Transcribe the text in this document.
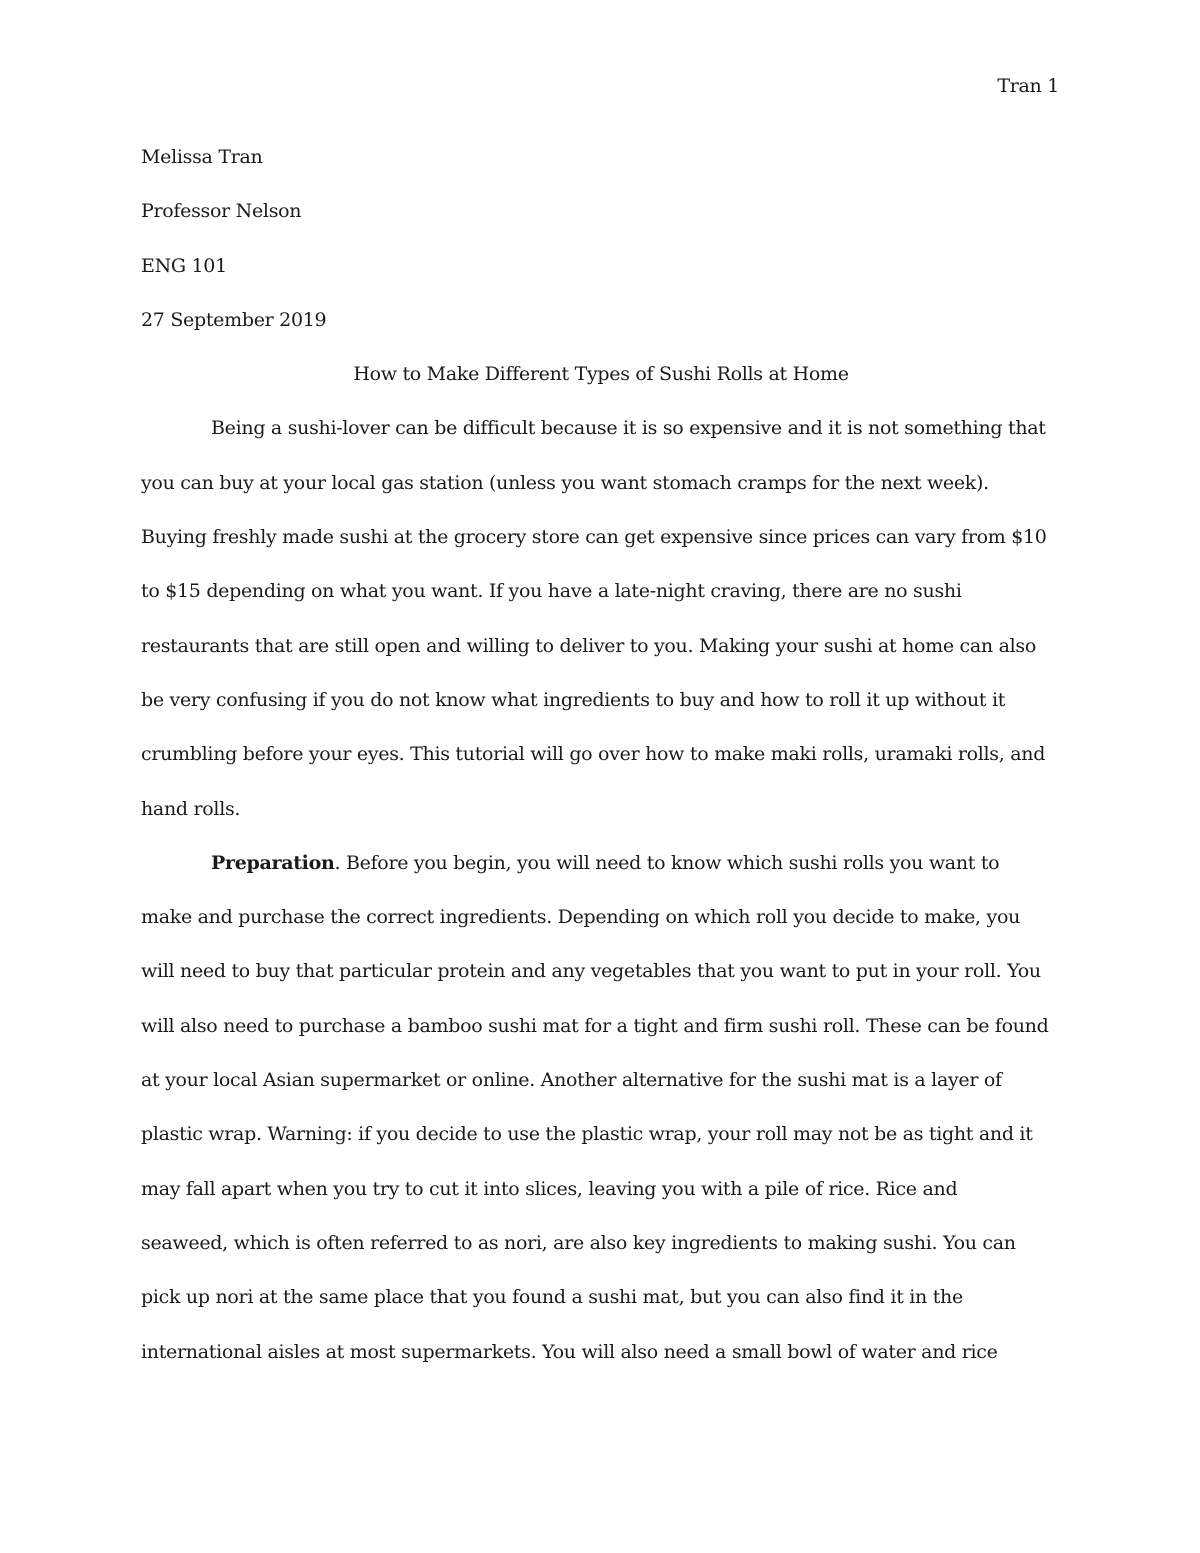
Tran 1
Melissa Tran
Professor Nelson
ENG 101
27 September 2019
How to Make Different Types of Sushi Rolls at Home
Being a sushi-lover can be difficult because it is so expensive and it is not something that
you can buy at your local gas station (unless you want stomach cramps for the next week).
Buying freshly made sushi at the grocery store can get expensive since prices can vary from $10
to $15 depending on what you want. If you have a late-night craving, there are no sushi
restaurants that are still open and willing to deliver to you. Making your sushi at home can also
be very confusing if you do not know what ingredients to buy and how to roll it up without it
crumbling before your eyes. This tutorial will go over how to make maki rolls, uramaki rolls, and
hand rolls.
Preparation. Before you begin, you will need to know which sushi rolls you want to
make and purchase the correct ingredients. Depending on which roll you decide to make, you
will need to buy that particular protein and any vegetables that you want to put in your roll. You
will also need to purchase a bamboo sushi mat for a tight and firm sushi roll. These can be found
at your local Asian supermarket or online. Another alternative for the sushi mat is a layer of
plastic wrap. Warning: if you decide to use the plastic wrap, your roll may not be as tight and it
may fall apart when you try to cut it into slices, leaving you with a pile of rice. Rice and
seaweed, which is often referred to as nori, are also key ingredients to making sushi. You can
pick up nori at the same place that you found a sushi mat, but you can also find it in the
international aisles at most supermarkets. You will also need a small bowl of water and rice
